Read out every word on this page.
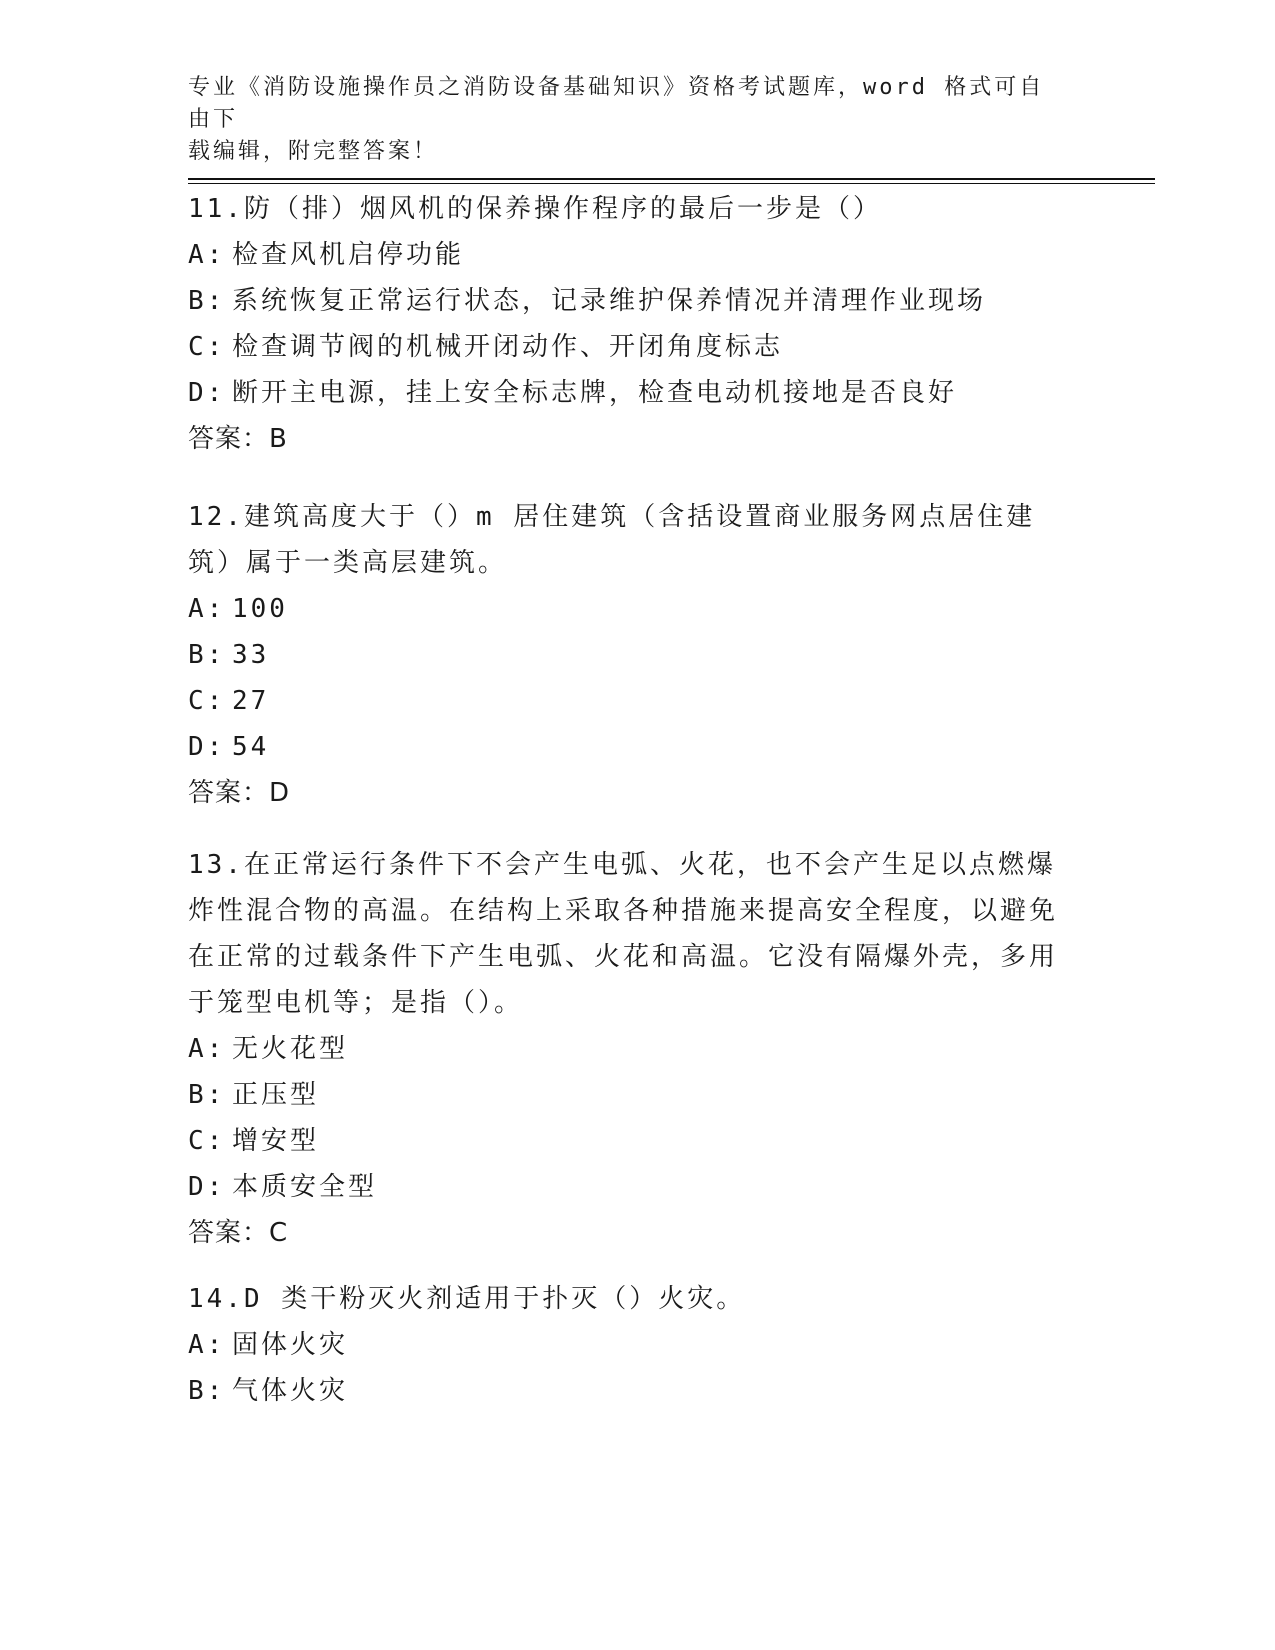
专业《消防设施操作员之消防设备基础知识》资格考试题库，word 格式可自由下
载编辑，附完整答案！

11.防（排）烟风机的保养操作程序的最后一步是（）

A: 检查风机启停功能

B: 系统恢复正常运行状态，记录维护保养情况并清理作业现场

C: 检查调节阀的机械开闭动作、开闭角度标志

D: 断开主电源，挂上安全标志牌，检查电动机接地是否良好

答案：B

12.建筑高度大于（）m 居住建筑（含括设置商业服务网点居住建筑）属于一类高层建筑。

A: 100

B: 33

C: 27

D: 54

答案：D

13.在正常运行条件下不会产生电弧、火花，也不会产生足以点燃爆炸性混合物的高温。在结构上采取各种措施来提高安全程度，以避免在正常的过载条件下产生电弧、火花和高温。它没有隔爆外壳，多用于笼型电机等；是指（）。

A: 无火花型

B: 正压型

C: 增安型

D: 本质安全型

答案：C

14.D 类干粉灭火剂适用于扑灭（）火灾。

A: 固体火灾

B: 气体火灾
